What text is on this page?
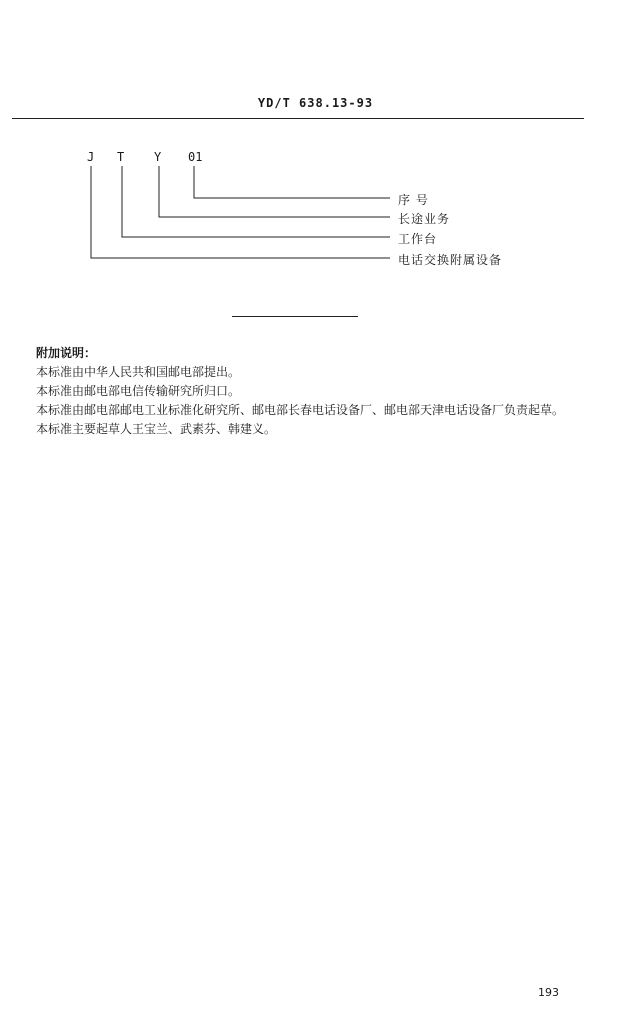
YD/T 638.13-93
J T Y 01
序 号
长途业务
工作台
电话交换附属设备

附加说明：

本标准由中华人民共和国邮电部提出。

本标准由邮电部电信传输研究所归口。

本标准由邮电部邮电工业标准化研究所、邮电部长春电话设备厂、邮电部天津电话设备厂负责起草。

本标准主要起草人王宝兰、武素芬、韩建义。

193
